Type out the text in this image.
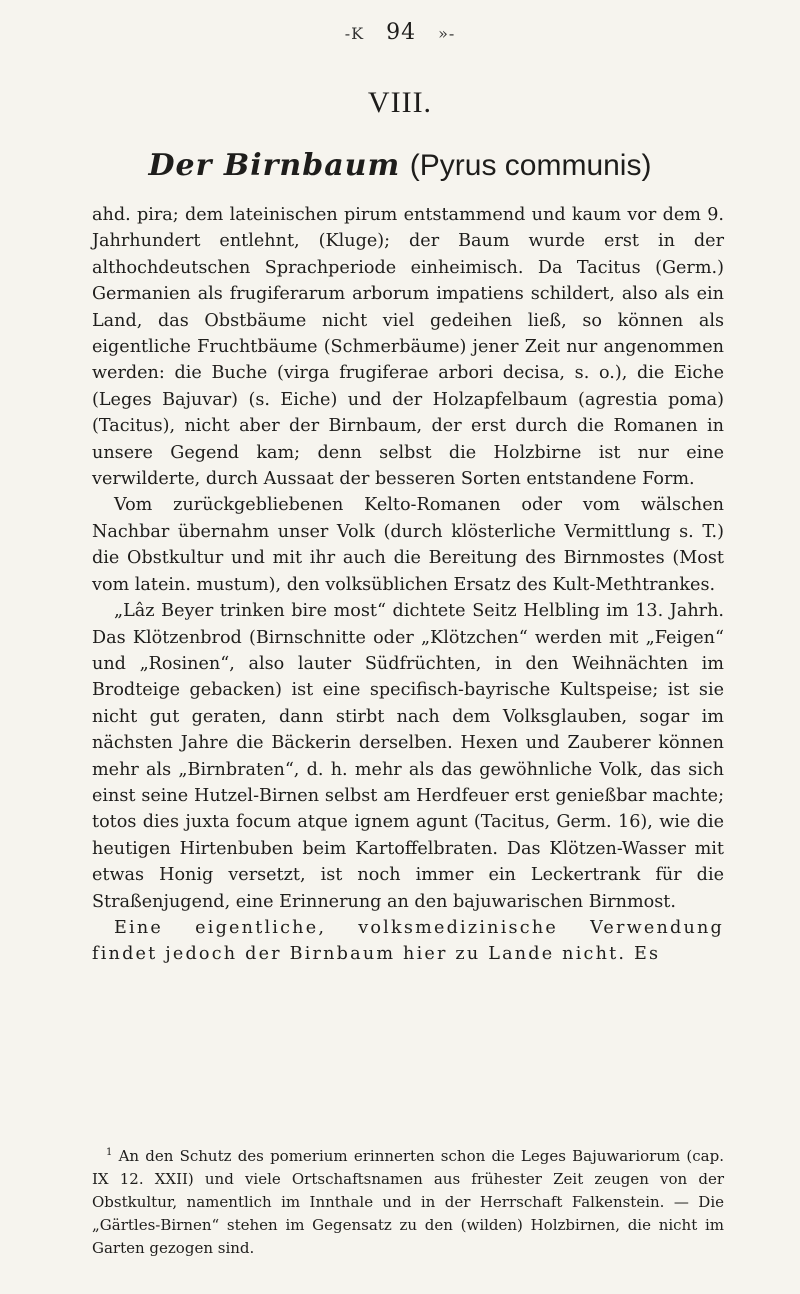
-K 94 »-
VIII.
Der Birnbaum (Pyrus communis)

ahd. pira; dem lateinischen pirum entstammend und kaum vor dem 9. Jahrhundert entlehnt, (Kluge); der Baum wurde erst in der althochdeutschen Sprachperiode einheimisch. Da Tacitus (Germ.) Germanien als frugiferarum arborum impatiens schildert, also als ein Land, das Obstbäume nicht viel gedeihen ließ, so können als eigentliche Fruchtbäume (Schmerbäume) jener Zeit nur angenommen werden: die Buche (virga frugiferae arbori decisa, s. o.), die Eiche (Leges Bajuvar) (s. Eiche) und der Holzapfelbaum (agrestia poma) (Tacitus), nicht aber der Birnbaum, der erst durch die Romanen in unsere Gegend kam; denn selbst die Holzbirne ist nur eine verwilderte, durch Aussaat der besseren Sorten entstandene Form.

Vom zurückgebliebenen Kelto-Romanen oder vom wälschen Nachbar übernahm unser Volk (durch klösterliche Vermittlung s. T.) die Obstkultur und mit ihr auch die Bereitung des Birnmostes (Most vom latein. mustum), den volksüblichen Ersatz des Kult-Methtrankes.

„Lâz Beyer trinken bire most“ dichtete Seitz Helbling im 13. Jahrh. Das Klötzenbrod (Birnschnitte oder „Klötzchen“ werden mit „Feigen“ und „Rosinen“, also lauter Südfrüchten, in den Weihnächten im Brodteige gebacken) ist eine specifisch-bayrische Kultspeise; ist sie nicht gut geraten, dann stirbt nach dem Volksglauben, sogar im nächsten Jahre die Bäckerin derselben. Hexen und Zauberer können mehr als „Birnbraten“, d. h. mehr als das gewöhnliche Volk, das sich einst seine Hutzel-Birnen selbst am Herdfeuer erst genießbar machte; totos dies juxta focum atque ignem agunt (Tacitus, Germ. 16), wie die heutigen Hirtenbuben beim Kartoffelbraten. Das Klötzen-Wasser mit etwas Honig versetzt, ist noch immer ein Leckertrank für die Straßenjugend, eine Erinnerung an den bajuwarischen Birnmost.

Eine eigentliche, volksmedizinische Verwendung findet jedoch der Birnbaum hier zu Lande nicht. Es

$^1$ An den Schutz des pomerium erinnerten schon die Leges Bajuwariorum (cap. IX 12. XXII) und viele Ortschaftsnamen aus frühester Zeit zeugen von der Obstkultur, namentlich im Innthale und in der Herrschaft Falkenstein. — Die „Gärtles-Birnen“ stehen im Gegensatz zu den (wilden) Holzbirnen, die nicht im Garten gezogen sind.
